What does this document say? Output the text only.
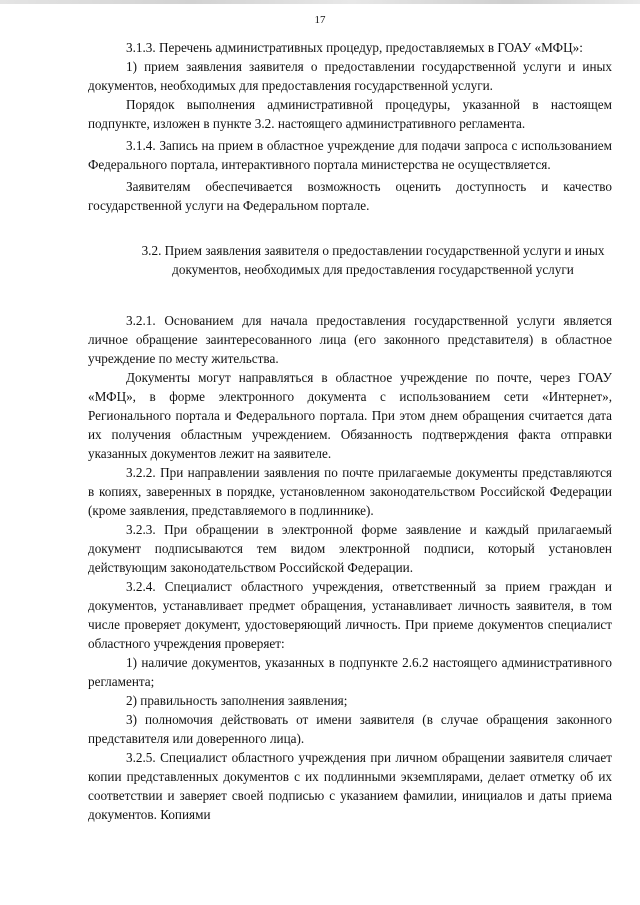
17

3.1.3. Перечень административных процедур, предоставляемых в ГОАУ «МФЦ»:

1) прием заявления заявителя о предоставлении государственной услуги и иных документов, необходимых для предоставления государственной услуги.

Порядок выполнения административной процедуры, указанной в настоящем подпункте, изложен в пункте 3.2. настоящего административного регламента.

3.1.4. Запись на прием в областное учреждение для подачи запроса с использованием Федерального портала, интерактивного портала министерства не осуществляется.

Заявителям обеспечивается возможность оценить доступность и качество государственной услуги на Федеральном портале.

3.2. Прием заявления заявителя о предоставлении государственной услуги и иных документов, необходимых для предоставления государственной услуги

3.2.1. Основанием для начала предоставления государственной услуги является личное обращение заинтересованного лица (его законного представителя) в областное учреждение по месту жительства.

Документы могут направляться в областное учреждение по почте, через ГОАУ «МФЦ», в форме электронного документа с использованием сети «Интернет», Регионального портала и Федерального портала. При этом днем обращения считается дата их получения областным учреждением. Обязанность подтверждения факта отправки указанных документов лежит на заявителе.

3.2.2. При направлении заявления по почте прилагаемые документы представляются в копиях, заверенных в порядке, установленном законодательством Российской Федерации (кроме заявления, представляемого в подлиннике).

3.2.3. При обращении в электронной форме заявление и каждый прилагаемый документ подписываются тем видом электронной подписи, который установлен действующим законодательством Российской Федерации.

3.2.4. Специалист областного учреждения, ответственный за прием граждан и документов, устанавливает предмет обращения, устанавливает личность заявителя, в том числе проверяет документ, удостоверяющий личность. При приеме документов специалист областного учреждения проверяет:

1) наличие документов, указанных в подпункте 2.6.2 настоящего административного регламента;

2) правильность заполнения заявления;

3) полномочия действовать от имени заявителя (в случае обращения законного представителя или доверенного лица).

3.2.5. Специалист областного учреждения при личном обращении заявителя сличает копии представленных документов с их подлинными экземплярами, делает отметку об их соответствии и заверяет своей подписью с указанием фамилии, инициалов и даты приема документов. Копиями
